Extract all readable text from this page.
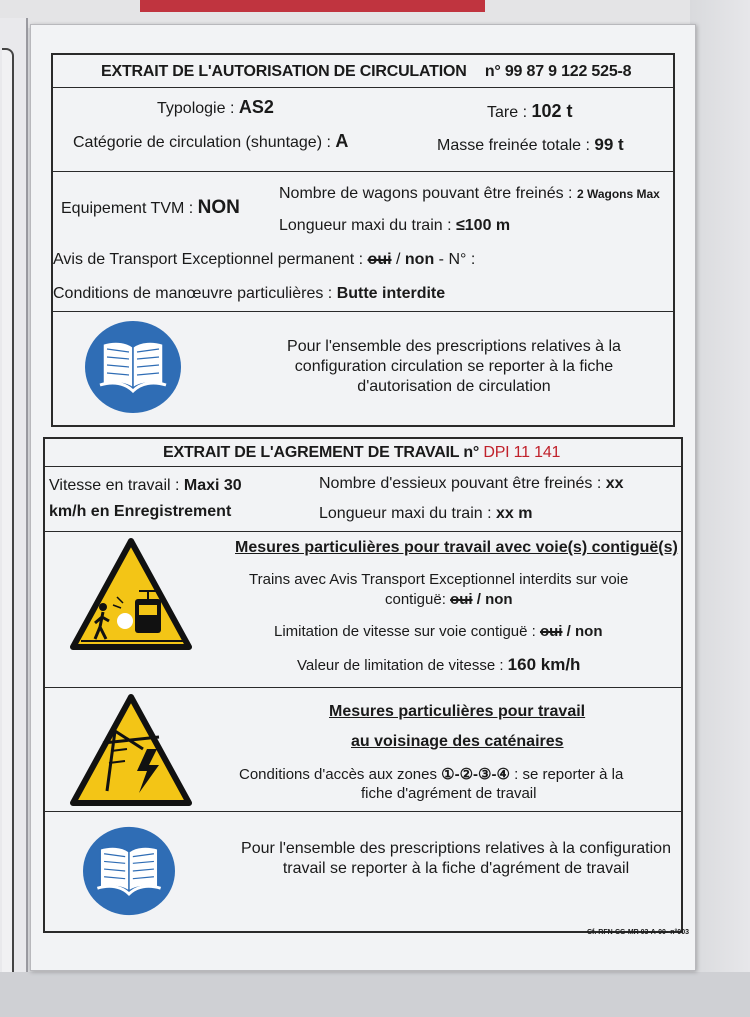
EXTRAIT DE L'AUTORISATION DE CIRCULATION n° 99 87 9 122 525-8
Typologie : AS2	Tare : 102 t
Catégorie de circulation (shuntage) : A	Masse freinée totale : 99 t
Equipement TVM : NON
Nombre de wagons pouvant être freinés : 2 Wagons Max
Longueur maxi du train : ≤100 m
Avis de Transport Exceptionnel permanent : oui / non - N° :
Conditions de manœuvre particulières : Butte interdite
Pour l'ensemble des prescriptions relatives à la configuration circulation se reporter à la fiche d'autorisation de circulation
EXTRAIT DE L'AGREMENT DE TRAVAIL n° DPI 11 141
Vitesse en travail : Maxi 30
km/h en Enregistrement
Nombre d'essieux pouvant être freinés : xx
Longueur maxi du train : xx m
Mesures particulières pour travail avec voie(s) contiguë(s)
Trains avec Avis Transport Exceptionnel interdits sur voie
contiguë: oui / non
Limitation de vitesse sur voie contiguë : oui / non
Valeur de limitation de vitesse : 160 km/h
Mesures particulières pour travail
au voisinage des caténaires
Conditions d'accès aux zones ①-②-③-④ : se reporter à la
fiche d'agrément de travail
Pour l'ensemble des prescriptions relatives à la configuration travail se reporter à la fiche d'agrément de travail
Cf. RFN-CG-MR 03-A-00- n°003
